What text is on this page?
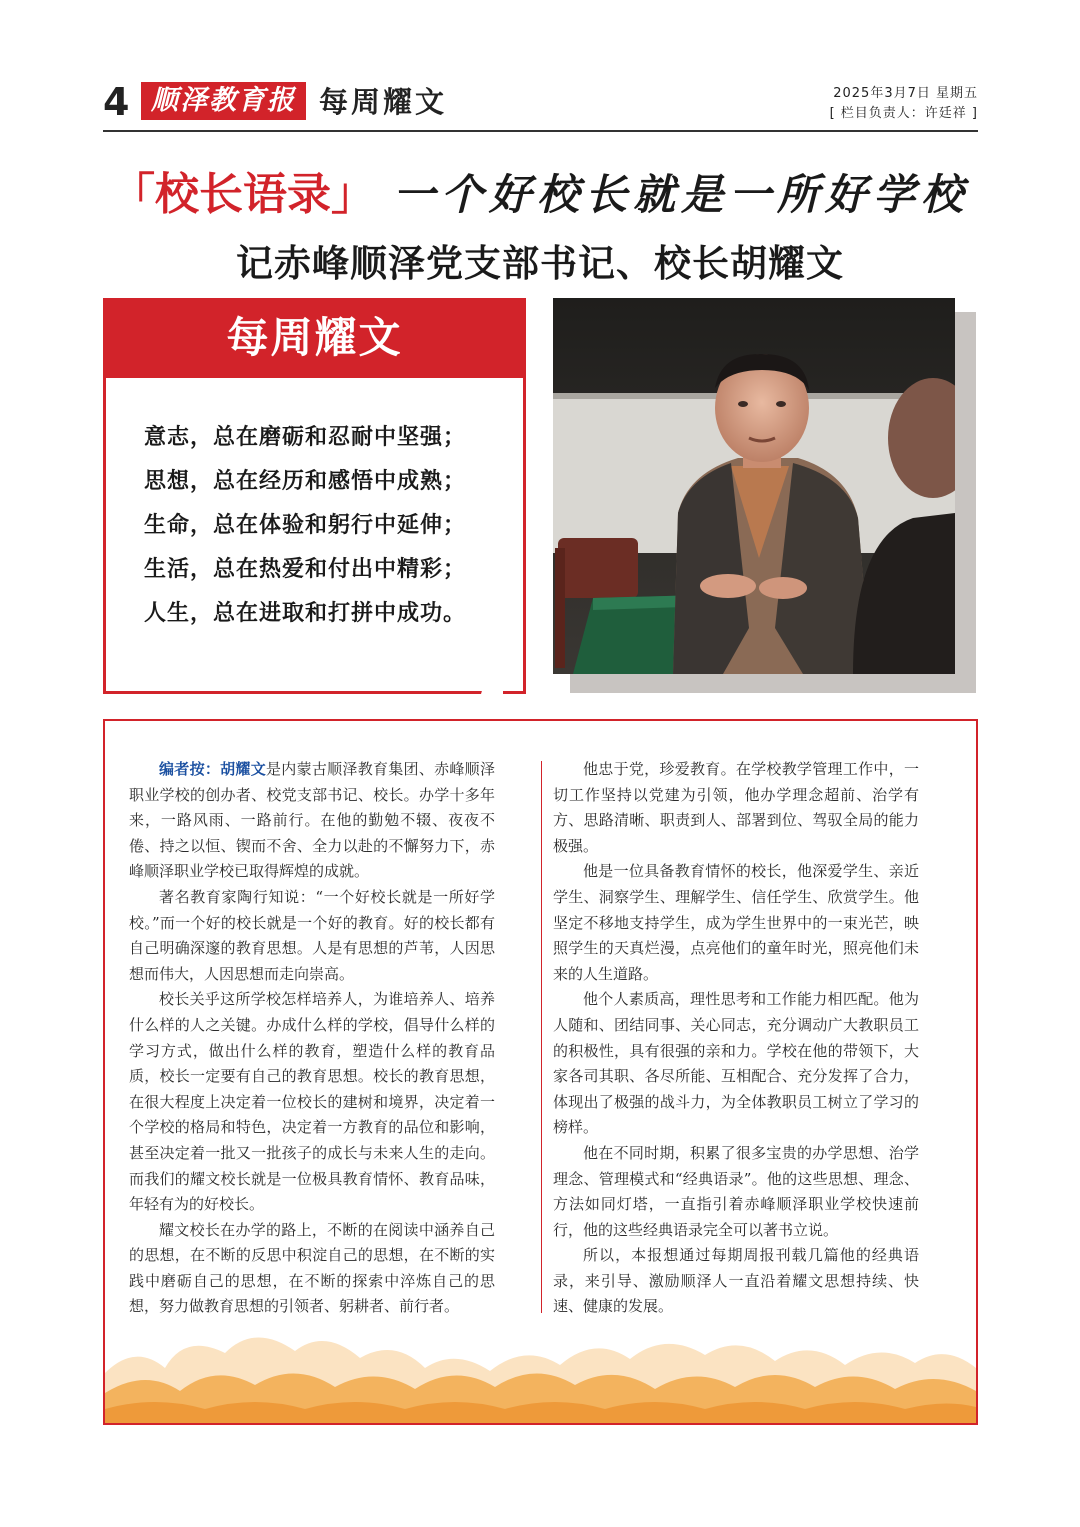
4 顺泽教育报 每周耀文	2025年3月7日 星期五
[ 栏目负责人：许廷祥 ]
「校长语录」 一个好校长就是一所好学校
记赤峰顺泽党支部书记、校长胡耀文
每周耀文
意志，总在磨砺和忍耐中坚强；
思想，总在经历和感悟中成熟；
生命，总在体验和躬行中延伸；
生活，总在热爱和付出中精彩；
人生，总在进取和打拼中成功。

编者按：胡耀文是内蒙古顺泽教育集团、赤峰顺泽职业学校的创办者、校党支部书记、校长。办学十多年来，一路风雨、一路前行。在他的勤勉不辍、夜夜不倦、持之以恒、锲而不舍、全力以赴的不懈努力下，赤峰顺泽职业学校已取得辉煌的成就。

著名教育家陶行知说：“一个好校长就是一所好学校。”而一个好的校长就是一个好的教育。好的校长都有自己明确深邃的教育思想。人是有思想的芦苇，人因思想而伟大，人因思想而走向崇高。

校长关乎这所学校怎样培养人，为谁培养人、培养什么样的人之关键。办成什么样的学校，倡导什么样的学习方式，做出什么样的教育，塑造什么样的教育品质，校长一定要有自己的教育思想。校长的教育思想，在很大程度上决定着一位校长的建树和境界，决定着一个学校的格局和特色，决定着一方教育的品位和影响，甚至决定着一批又一批孩子的成长与未来人生的走向。而我们的耀文校长就是一位极具教育情怀、教育品味，年轻有为的好校长。

耀文校长在办学的路上，不断的在阅读中涵养自己的思想，在不断的反思中积淀自己的思想，在不断的实践中磨砺自己的思想，在不断的探索中淬炼自己的思想，努力做教育思想的引领者、躬耕者、前行者。

他忠于党，珍爱教育。在学校教学管理工作中，一切工作坚持以党建为引领，他办学理念超前、治学有方、思路清晰、职责到人、部署到位、驾驭全局的能力极强。

他是一位具备教育情怀的校长，他深爱学生、亲近学生、洞察学生、理解学生、信任学生、欣赏学生。他坚定不移地支持学生，成为学生世界中的一束光芒，映照学生的天真烂漫，点亮他们的童年时光，照亮他们未来的人生道路。

他个人素质高，理性思考和工作能力相匹配。他为人随和、团结同事、关心同志，充分调动广大教职员工的积极性，具有很强的亲和力。学校在他的带领下，大家各司其职、各尽所能、互相配合、充分发挥了合力，体现出了极强的战斗力，为全体教职员工树立了学习的榜样。

他在不同时期，积累了很多宝贵的办学思想、治学理念、管理模式和“经典语录”。他的这些思想、理念、方法如同灯塔，一直指引着赤峰顺泽职业学校快速前行，他的这些经典语录完全可以著书立说。

所以，本报想通过每期周报刊载几篇他的经典语录，来引导、激励顺泽人一直沿着耀文思想持续、快速、健康的发展。
